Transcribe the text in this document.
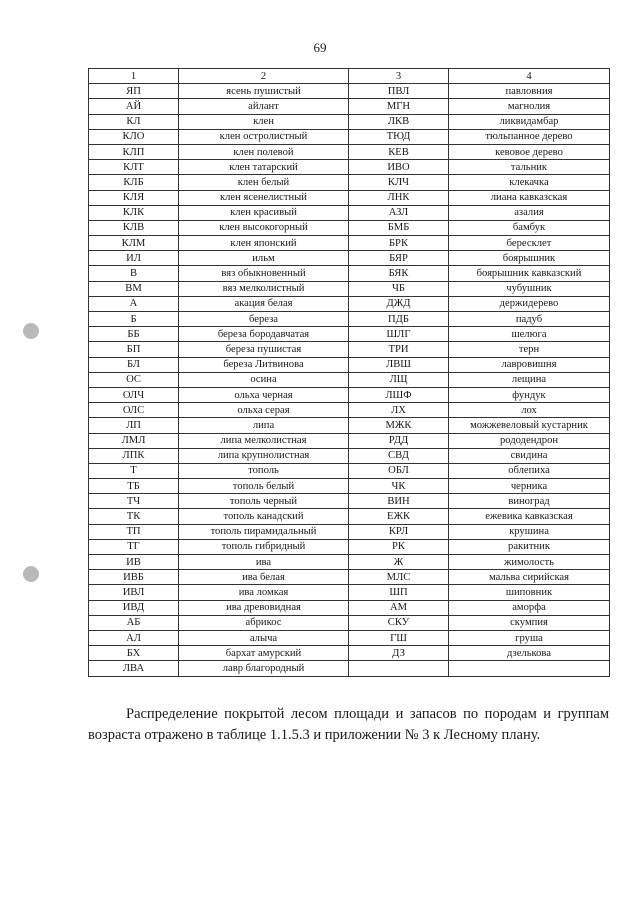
69
1	2	3	4
ЯП	ясень пушистый	ПВЛ	павловния
АЙ	айлант	МГН	магнолия
КЛ	клен	ЛКВ	ликвидамбар
КЛО	клен остролистный	ТЮД	тюльпанное дерево
КЛП	клен полевой	КЕВ	кевовое дерево
КЛТ	клен татарский	ИВО	тальник
КЛБ	клен белый	КЛЧ	клекачка
КЛЯ	клен ясенелистный	ЛНК	лиана кавказская
КЛК	клен красивый	АЗЛ	азалия
КЛВ	клен высокогорный	БМБ	бамбук
КЛМ	клен японский	БРК	бересклет
ИЛ	ильм	БЯР	боярышник
В	вяз обыкновенный	БЯК	боярышник кавказский
ВМ	вяз мелколистный	ЧБ	чубушник
А	акация белая	ДЖД	держидерево
Б	береза	ПДБ	падуб
ББ	береза бородавчатая	ШЛГ	шелюга
БП	береза пушистая	ТРИ	терн
БЛ	береза Литвинова	ЛВШ	лавровишня
ОС	осина	ЛЩ	лещина
ОЛЧ	ольха черная	ЛШФ	фундук
ОЛС	ольха серая	ЛХ	лох
ЛП	липа	МЖК	можжевеловый кустарник
ЛМЛ	липа мелколистная	РДД	рододендрон
ЛПК	липа крупнолистная	СВД	свидина
Т	тополь	ОБЛ	облепиха
ТБ	тополь белый	ЧК	черника
ТЧ	тополь черный	ВИН	виноград
ТК	тополь канадский	ЕЖК	ежевика кавказская
ТП	тополь пирамидальный	КРЛ	крушина
ТГ	тополь гибридный	РК	ракитник
ИВ	ива	Ж	жимолость
ИВБ	ива белая	МЛС	мальва сирийская
ИВЛ	ива ломкая	ШП	шиповник
ИВД	ива древовидная	АМ	аморфа
АБ	абрикос	СКУ	скумпия
АЛ	алыча	ГШ	груша
БХ	бархат амурский	ДЗ	дзелькова
ЛВА	лавр благородный		

Распределение покрытой лесом площади и запасов по породам и группам возраста отражено в таблице 1.1.5.3 и приложении № 3 к Лесному плану.
